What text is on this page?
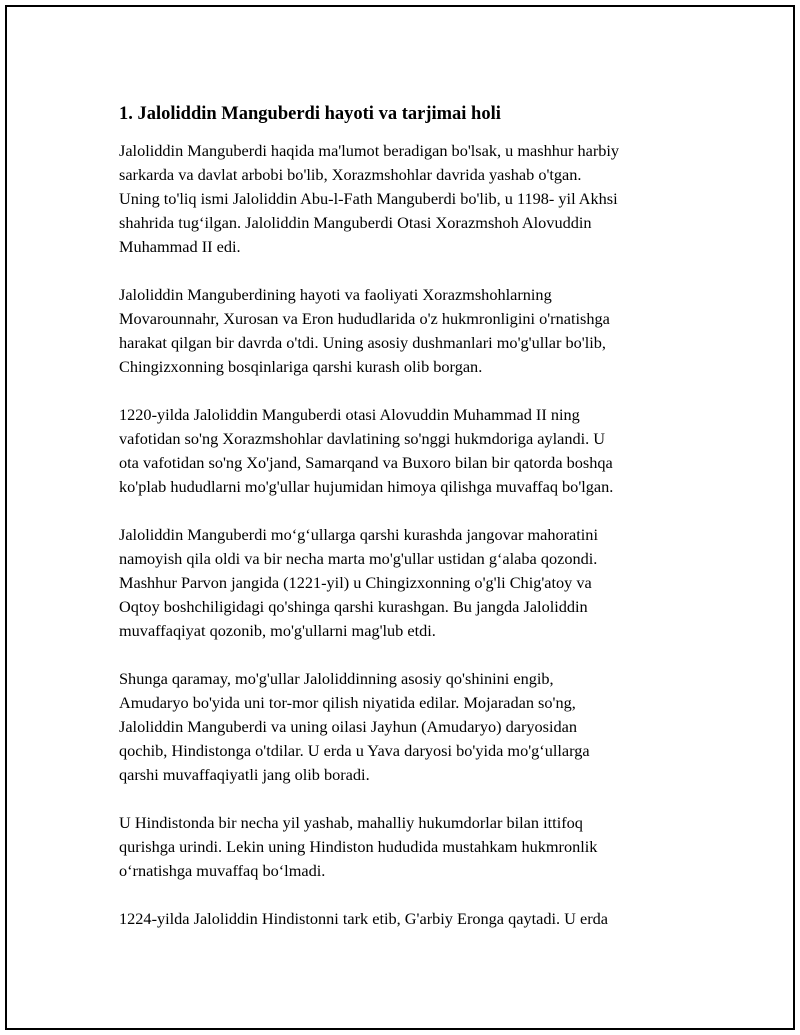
1. Jaloliddin Manguberdi hayoti va tarjimai holi

Jaloliddin Manguberdi haqida ma'lumot beradigan bo'lsak, u mashhur harbiy
sarkarda va davlat arbobi bo'lib, Xorazmshohlar davrida yashab o'tgan.
Uning to'liq ismi Jaloliddin Abu-l-Fath Manguberdi bo'lib, u 1198- yil Akhsi
shahrida tug‘ilgan. Jaloliddin Manguberdi Otasi Xorazmshoh Alovuddin
Muhammad II edi.

Jaloliddin Manguberdining hayoti va faoliyati Xorazmshohlarning
Movarounnahr, Xurosan va Eron hududlarida o'z hukmronligini o'rnatishga
harakat qilgan bir davrda o'tdi. Uning asosiy dushmanlari mo'g'ullar bo'lib,
Chingizxonning bosqinlariga qarshi kurash olib borgan.

1220-yilda Jaloliddin Manguberdi otasi Alovuddin Muhammad II ning
vafotidan so'ng Xorazmshohlar davlatining so'nggi hukmdoriga aylandi. U
ota vafotidan so'ng Xo'jand, Samarqand va Buxoro bilan bir qatorda boshqa
ko'plab hududlarni mo'g'ullar hujumidan himoya qilishga muvaffaq bo'lgan.

Jaloliddin Manguberdi mo‘g‘ullarga qarshi kurashda jangovar mahoratini
namoyish qila oldi va bir necha marta mo'g'ullar ustidan g‘alaba qozondi.
Mashhur Parvon jangida (1221-yil) u Chingizxonning o'g'li Chig'atoy va
Oqtoy boshchiligidagi qo'shinga qarshi kurashgan. Bu jangda Jaloliddin
muvaffaqiyat qozonib, mo'g'ullarni mag'lub etdi.

Shunga qaramay, mo'g'ullar Jaloliddinning asosiy qo'shinini engib,
Amudaryo bo'yida uni tor-mor qilish niyatida edilar. Mojaradan so'ng,
Jaloliddin Manguberdi va uning oilasi Jayhun (Amudaryo) daryosidan
qochib, Hindistonga o'tdilar. U erda u Yava daryosi bo'yida mo'g‘ullarga
qarshi muvaffaqiyatli jang olib boradi.

U Hindistonda bir necha yil yashab, mahalliy hukumdorlar bilan ittifoq
qurishga urindi. Lekin uning Hindiston hududida mustahkam hukmronlik
o‘rnatishga muvaffaq bo‘lmadi.

1224-yilda Jaloliddin Hindistonni tark etib, G'arbiy Eronga qaytadi. U erda
